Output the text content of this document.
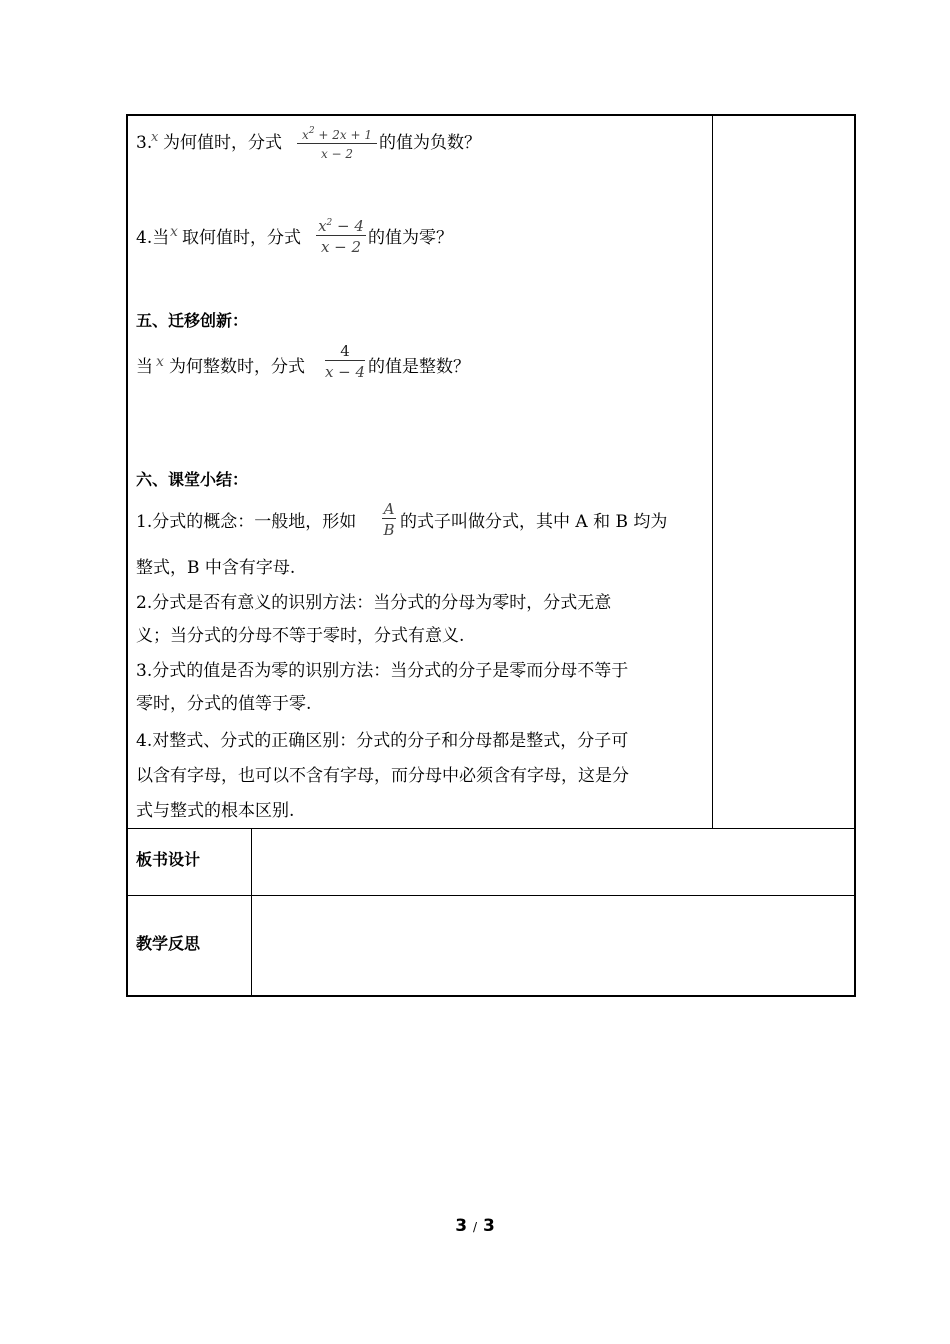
3.
x 为何值时，分式 $x^2 + 2x + 1$
x − 2
的值为负数？
4.当 x 取何值时，分式
$x^2 - 4$
x − 2 的值为零？
五、迁移创新：
当 x 为何整数时，分式
4
x − 4 的值是整数？
六、课堂小结：
1.分式的概念：一般地，形如
A
B 的式子叫做分式，其中 A 和 B 均为
整式，B 中含有字母.
2.分式是否有意义的识别方法：当分式的分母为零时，分式无意
义；当分式的分母不等于零时，分式有意义.
3.分式的值是否为零的识别方法：当分式的分子是零而分母不等于
零时，分式的值等于零.
4.对整式、分式的正确区别：分式的分子和分母都是整式，分子可
以含有字母，也可以不含有字母，而分母中必须含有字母，这是分
式与整式的根本区别.
板书设计
教学反思
3 / 3
